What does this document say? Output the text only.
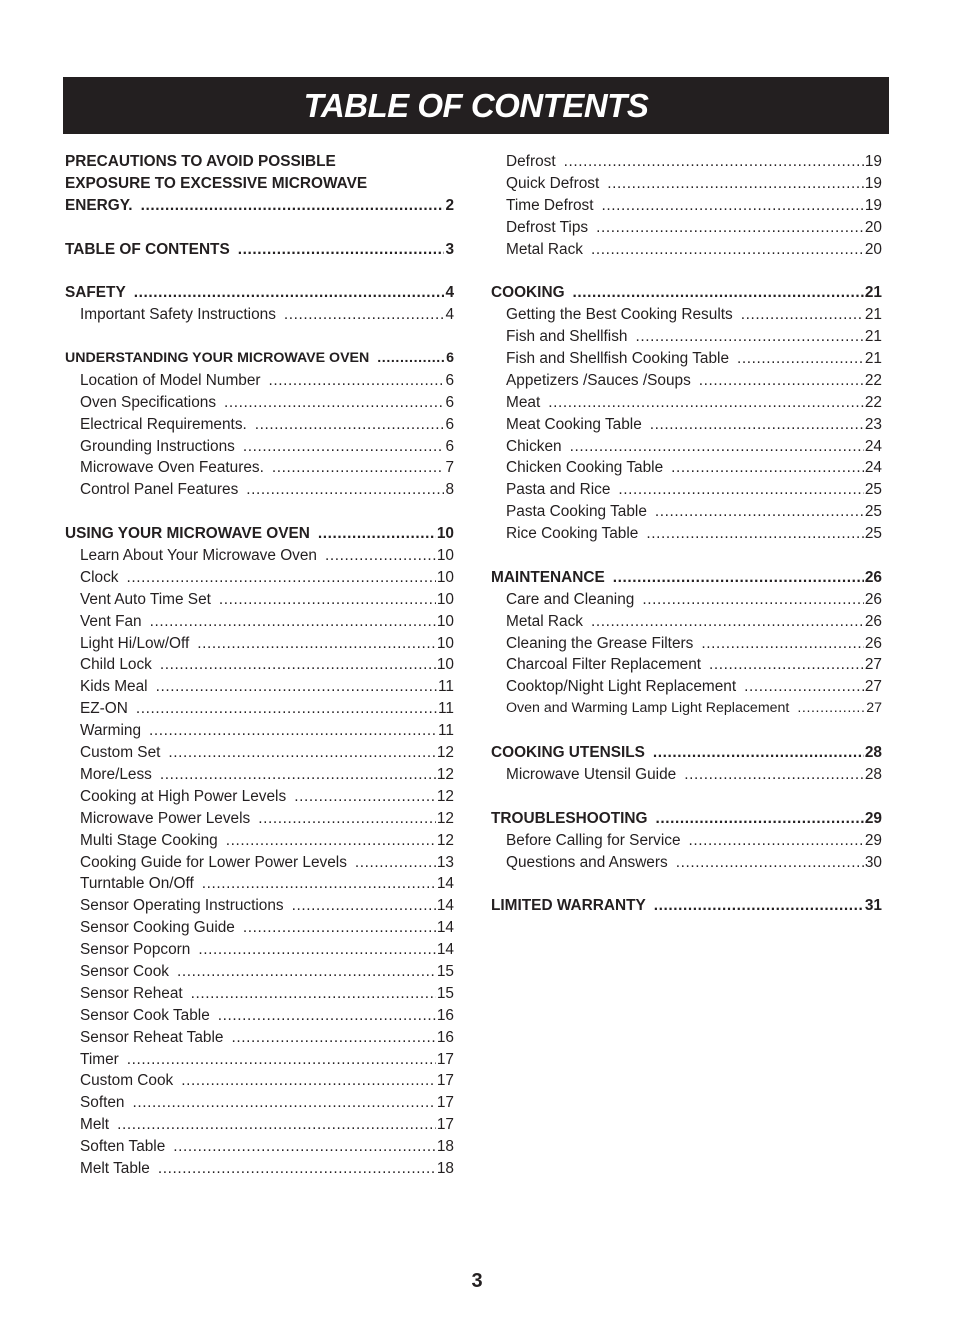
TABLE OF CONTENTS
PRECAUTIONS TO AVOID POSSIBLE
EXPOSURE TO EXCESSIVE MICROWAVE
ENERGY. .....	2
TABLE OF CONTENTS .....	3
SAFETY .....	4
Important Safety Instructions .....	4
UNDERSTANDING YOUR MICROWAVE OVEN .....	6
Location of Model Number .....	6
Oven Specifications .....	6
Electrical Requirements. .....	6
Grounding Instructions .....	6
Microwave Oven Features. .....	7
Control Panel Features .....	8
USING YOUR MICROWAVE OVEN .....	10
Learn About Your Microwave Oven .....	10
Clock .....	10
Vent Auto Time Set .....	10
Vent Fan .....	10
Light Hi/Low/Off .....	10
Child Lock .....	10
Kids Meal .....	11
EZ-ON .....	11
Warming .....	11
Custom Set .....	12
More/Less .....	12
Cooking at High Power Levels .....	12
Microwave Power Levels .....	12
Multi Stage Cooking .....	12
Cooking Guide for Lower Power Levels .....	13
Turntable On/Off .....	14
Sensor Operating Instructions .....	14
Sensor Cooking Guide .....	14
Sensor Popcorn .....	14
Sensor Cook .....	15
Sensor Reheat .....	15
Sensor Cook Table .....	16
Sensor Reheat Table .....	16
Timer .....	17
Custom Cook .....	17
Soften .....	17
Melt .....	17
Soften Table .....	18
Melt Table .....	18
Defrost .....	19
Quick Defrost .....	19
Time Defrost .....	19
Defrost Tips .....	20
Metal Rack .....	20
COOKING .....	21
Getting the Best Cooking Results .....	21
Fish and Shellfish .....	21
Fish and Shellfish Cooking Table .....	21
Appetizers /Sauces /Soups .....	22
Meat .....	22
Meat Cooking Table .....	23
Chicken .....	24
Chicken Cooking Table .....	24
Pasta and Rice .....	25
Pasta Cooking Table .....	25
Rice Cooking Table .....	25
MAINTENANCE .....	26
Care and Cleaning .....	26
Metal Rack .....	26
Cleaning the Grease Filters .....	26
Charcoal Filter Replacement .....	27
Cooktop/Night Light Replacement .....	27
Oven and Warming Lamp Light Replacement .....	27
COOKING UTENSILS .....	28
Microwave Utensil Guide .....	28
TROUBLESHOOTING .....	29
Before Calling for Service .....	29
Questions and Answers .....	30
LIMITED WARRANTY .....	31
3
